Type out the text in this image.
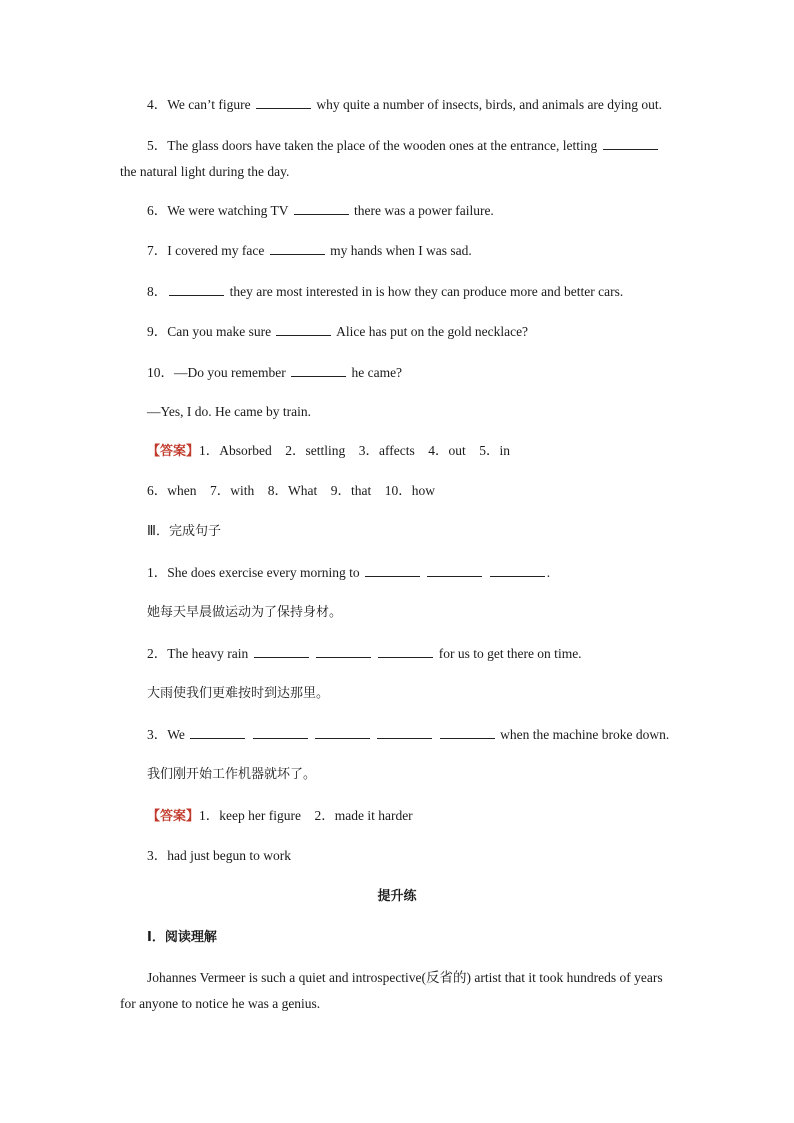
4．We can’t figure	why quite a number of insects, birds, and animals are dying out.
5．The glass doors have taken the place of the wooden ones at the entrance, letting
the natural light during the day.
6．We were watching TV	there was a power failure.
7．I covered my face	my hands when I was sad.
8．	they are most interested in is how they can produce more and better cars.
9．Can you make sure	Alice has put on the gold necklace?
10．—Do you remember	he came?
—Yes, I do. He came by train.
【答案】1．Absorbed　2．settling　3．affects　4．out　5．in
6．when　7．with　8．What　9．that　10．how
Ⅲ．完成句子
1．She does exercise every morning to	.
她每天早晨做运动为了保持身材。
2．The heavy rain	for us to get there on time.
大雨使我们更难按时到达那里。
3．We	when the machine broke down.
我们刚开始工作机器就坏了。
【答案】1．keep her figure　2．made it harder
3．had just begun to work
提升练
Ⅰ．阅读理解
Johannes Vermeer is such a quiet and introspective(反省的) artist that it took hundreds of years
for anyone to notice he was a genius.
